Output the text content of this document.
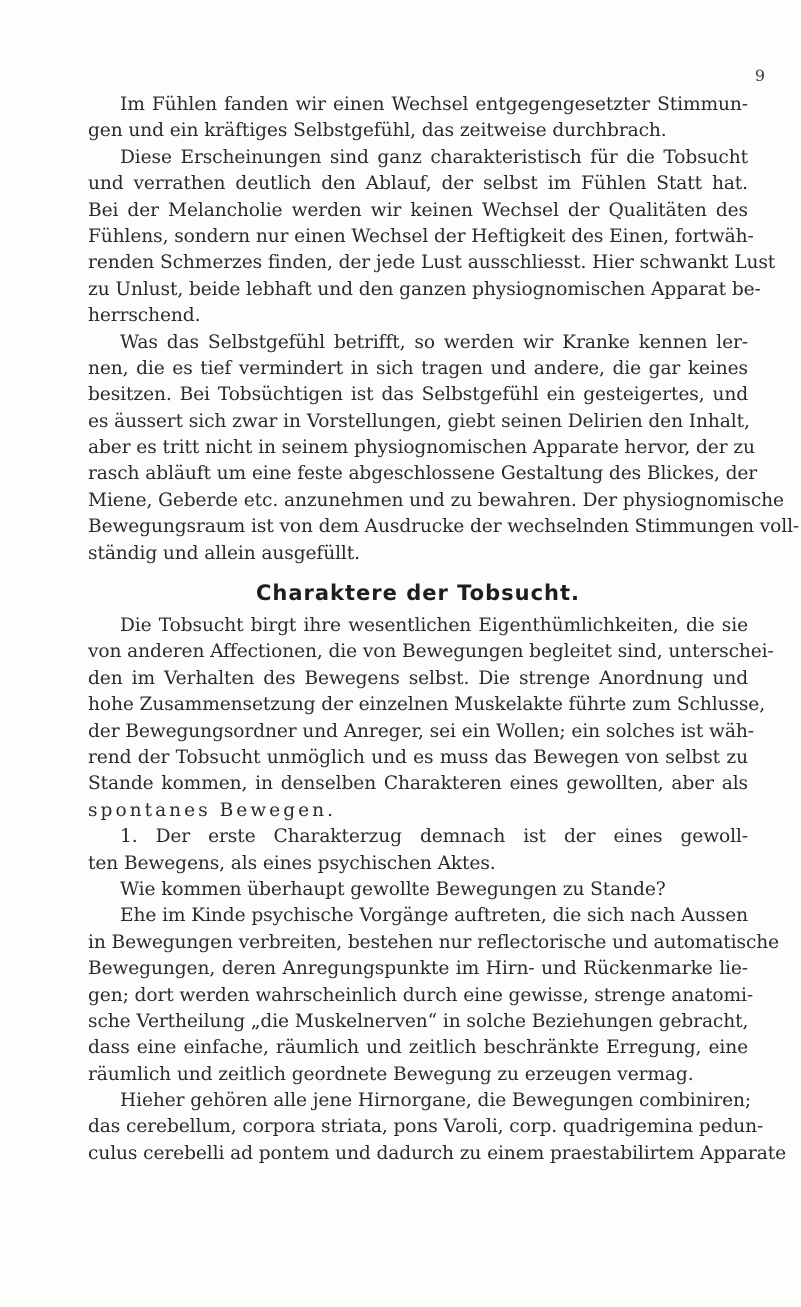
9
Im Fühlen fanden wir einen Wechsel entgegengesetzter Stimmun-
gen und ein kräftiges Selbstgefühl, das zeitweise durchbrach.
Diese Erscheinungen sind ganz charakteristisch für die Tobsucht
und verrathen deutlich den Ablauf, der selbst im Fühlen Statt hat.
Bei der Melancholie werden wir keinen Wechsel der Qualitäten des
Fühlens, sondern nur einen Wechsel der Heftigkeit des Einen, fortwäh-
renden Schmerzes finden, der jede Lust ausschliesst. Hier schwankt Lust
zu Unlust, beide lebhaft und den ganzen physiognomischen Apparat be-
herrschend.
Was das Selbstgefühl betrifft, so werden wir Kranke kennen ler-
nen, die es tief vermindert in sich tragen und andere, die gar keines
besitzen. Bei Tobsüchtigen ist das Selbstgefühl ein gesteigertes, und
es äussert sich zwar in Vorstellungen, giebt seinen Delirien den Inhalt,
aber es tritt nicht in seinem physiognomischen Apparate hervor, der zu
rasch abläuft um eine feste abgeschlossene Gestaltung des Blickes, der
Miene, Geberde etc. anzunehmen und zu bewahren. Der physiognomische
Bewegungsraum ist von dem Ausdrucke der wechselnden Stimmungen voll-
ständig und allein ausgefüllt.
Charaktere der Tobsucht.
Die Tobsucht birgt ihre wesentlichen Eigenthümlichkeiten, die sie
von anderen Affectionen, die von Bewegungen begleitet sind, unterschei-
den im Verhalten des Bewegens selbst. Die strenge Anordnung und
hohe Zusammensetzung der einzelnen Muskelakte führte zum Schlusse,
der Bewegungsordner und Anreger, sei ein Wollen; ein solches ist wäh-
rend der Tobsucht unmöglich und es muss das Bewegen von selbst zu
Stande kommen, in denselben Charakteren eines gewollten, aber als
spontanes Bewegen.
1. Der erste Charakterzug demnach ist der eines gewoll-
ten Bewegens, als eines psychischen Aktes.
Wie kommen überhaupt gewollte Bewegungen zu Stande?
Ehe im Kinde psychische Vorgänge auftreten, die sich nach Aussen
in Bewegungen verbreiten, bestehen nur reflectorische und automatische
Bewegungen, deren Anregungspunkte im Hirn- und Rückenmarke lie-
gen; dort werden wahrscheinlich durch eine gewisse, strenge anatomi-
sche Vertheilung „die Muskelnerven“ in solche Beziehungen gebracht,
dass eine einfache, räumlich und zeitlich beschränkte Erregung, eine
räumlich und zeitlich geordnete Bewegung zu erzeugen vermag.
Hieher gehören alle jene Hirnorgane, die Bewegungen combiniren;
das cerebellum, corpora striata, pons Varoli, corp. quadrigemina pedun-
culus cerebelli ad pontem und dadurch zu einem praestabilirtem Apparate
